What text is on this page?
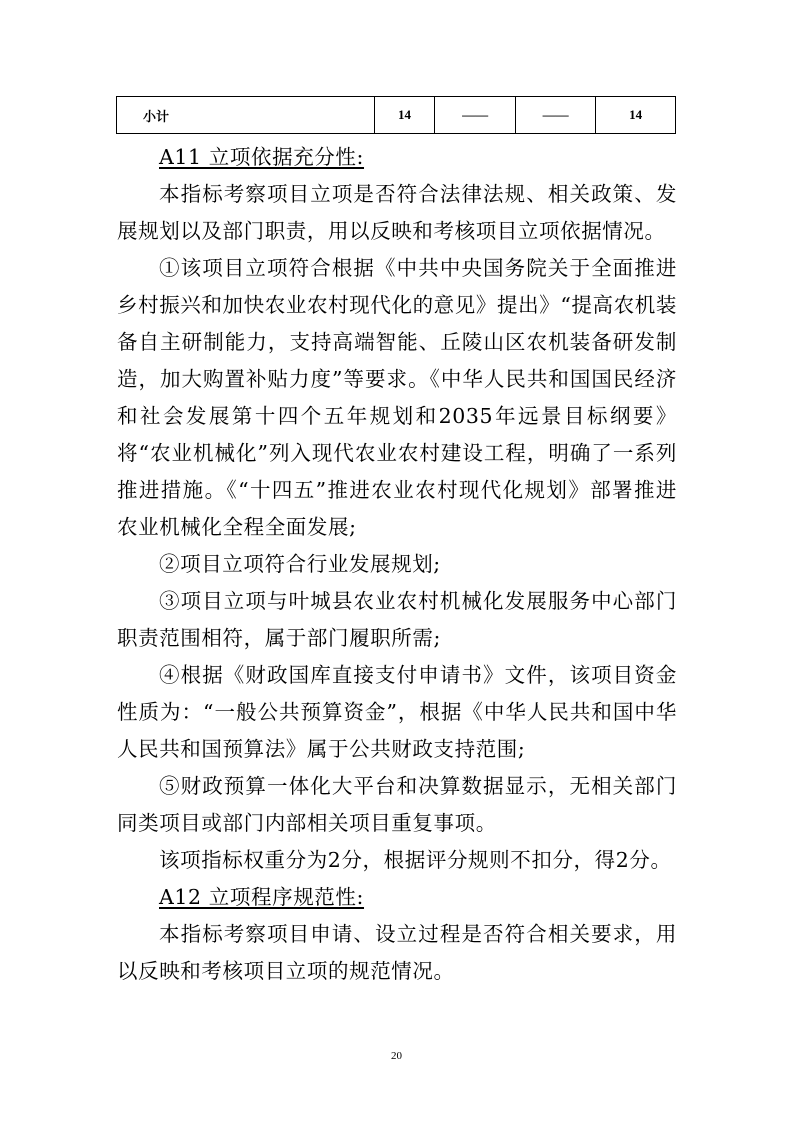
小计	14	——	——	14

A11 立项依据充分性:

本指标考察项目立项是否符合法律法规、相关政策、发展规划以及部门职责，用以反映和考核项目立项依据情况。

①该项目立项符合根据《中共中央国务院关于全面推进乡村振兴和加快农业农村现代化的意见》提出》“提高农机装备自主研制能力，支持高端智能、丘陵山区农机装备研发制造，加大购置补贴力度”等要求。《中华人民共和国国民经济和社会发展第十四个五年规划和2035年远景目标纲要》将“农业机械化”列入现代农业农村建设工程，明确了一系列推进措施。《“十四五”推进农业农村现代化规划》部署推进农业机械化全程全面发展;

②项目立项符合行业发展规划;

③项目立项与叶城县农业农村机械化发展服务中心部门职责范围相符，属于部门履职所需;

④根据《财政国库直接支付申请书》文件，该项目资金性质为：“一般公共预算资金”，根据《中华人民共和国中华人民共和国预算法》属于公共财政支持范围;

⑤财政预算一体化大平台和决算数据显示，无相关部门同类项目或部门内部相关项目重复事项。

该项指标权重分为2分，根据评分规则不扣分，得2分。

A12 立项程序规范性:

本指标考察项目申请、设立过程是否符合相关要求，用以反映和考核项目立项的规范情况。

20
